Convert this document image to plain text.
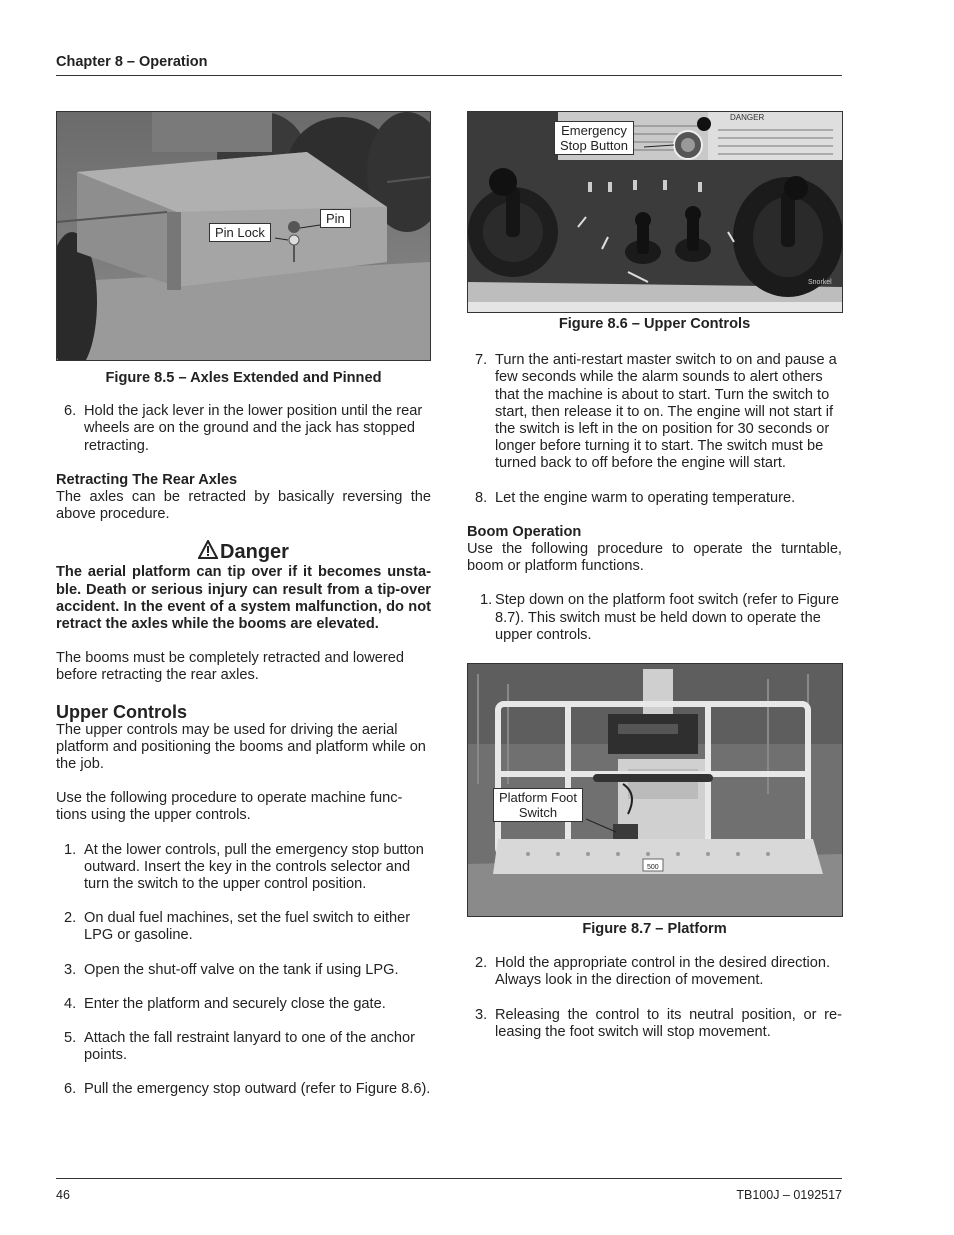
Chapter 8 – Operation
Pin
Pin Lock
Figure 8.5 – Axles Extended and Pinned
6. Hold the jack lever in the lower position until the rear wheels are on the ground and the jack has stopped retracting.

Retracting The Rear Axles

The axles can be retracted by basically reversing the above procedure.

Danger

The aerial platform can tip over if it becomes unsta-ble. Death or serious injury can result from a tip-over accident. In the event of a system malfunction, do not retract the axles while the booms are elevated.

The booms must be completely retracted and lowered before retracting the rear axles.

Upper Controls

The upper controls may be used for driving the aerial platform and positioning the booms and platform while on the job.

Use the following procedure to operate machine func-tions using the upper controls.

1. At the lower controls, pull the emergency stop button outward. Insert the key in the controls selector and turn the switch to the upper control position.
2. On dual fuel machines, set the fuel switch to either LPG or gasoline.
3. Open the shut-off valve on the tank if using LPG.
4. Enter the platform and securely close the gate.
5. Attach the fall restraint lanyard to one of the anchor points.
6. Pull the emergency stop outward (refer to Figure 8.6).
DANGER
Snorkel
Emergency
Stop Button
Figure 8.6 – Upper Controls
7. Turn the anti-restart master switch to on and pause a few seconds while the alarm sounds to alert others that the machine is about to start. Turn the switch to start, then release it to on. The engine will not start if the switch is left in the on position for 30 seconds or longer before turning it to start. The switch must be turned back to off before the engine will start.
8. Let the engine warm to operating temperature.

Boom Operation

Use the following procedure to operate the turntable, boom or platform functions.

1. Step down on the platform foot switch (refer to Figure 8.7). This switch must be held down to operate the upper controls.
500
Platform Foot
Switch
Figure 8.7 – Platform
2. Hold the appropriate control in the desired direction. Always look in the direction of movement.
3. Releasing the control to its neutral position, or re-leasing the foot switch will stop movement.
46	TB100J – 0192517
